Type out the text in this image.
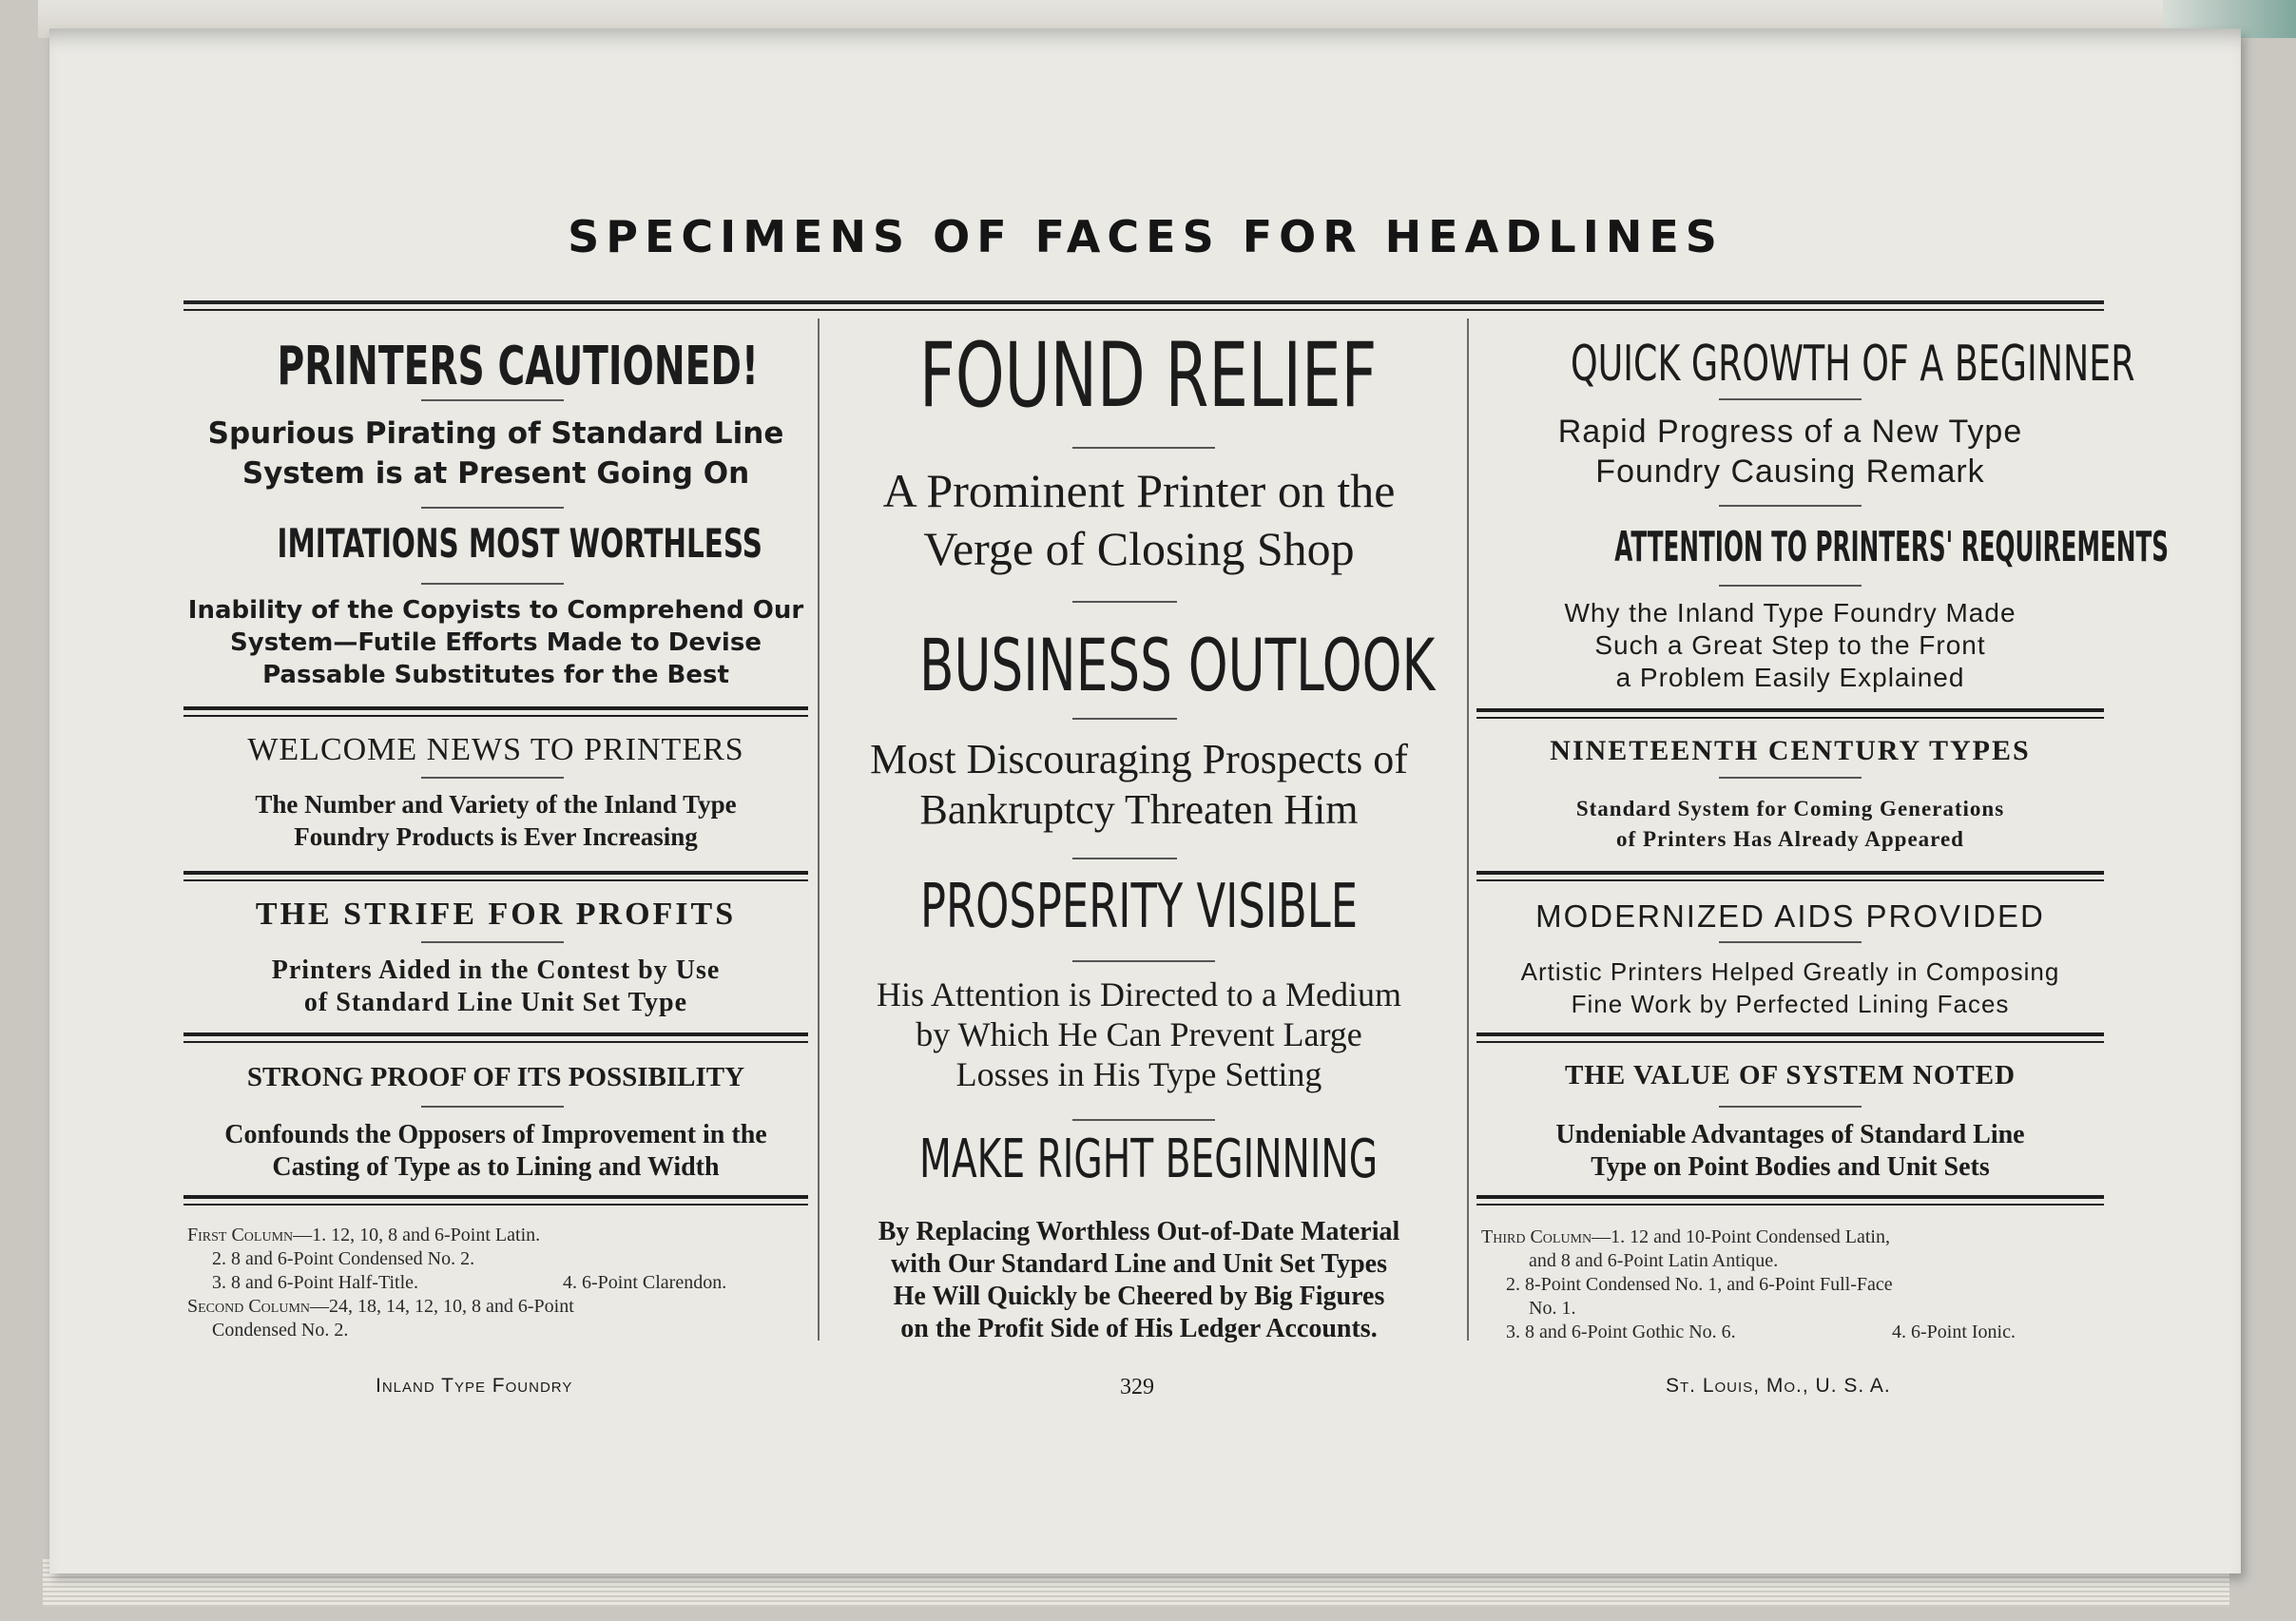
SPECIMENS OF FACES FOR HEADLINES
PRINTERS CAUTIONED!
Spurious Pirating of Standard Line
System is at Present Going On
IMITATIONS MOST WORTHLESS
Inability of the Copyists to Comprehend Our
System—Futile Efforts Made to Devise
Passable Substitutes for the Best
WELCOME NEWS TO PRINTERS
The Number and Variety of the Inland Type
Foundry Products is Ever Increasing
THE STRIFE FOR PROFITS
Printers Aided in the Contest by Use
of Standard Line Unit Set Type
STRONG PROOF OF ITS POSSIBILITY
Confounds the Opposers of Improvement in the
Casting of Type as to Lining and Width
FOUND RELIEF
A Prominent Printer on the
Verge of Closing Shop
BUSINESS OUTLOOK
Most Discouraging Prospects of
Bankruptcy Threaten Him
PROSPERITY VISIBLE
His Attention is Directed to a Medium
by Which He Can Prevent Large
Losses in His Type Setting
MAKE RIGHT BEGINNING
By Replacing Worthless Out-of-Date Material
with Our Standard Line and Unit Set Types
He Will Quickly be Cheered by Big Figures
on the Profit Side of His Ledger Accounts.
QUICK GROWTH OF A BEGINNER
Rapid Progress of a New Type
Foundry Causing Remark
ATTENTION TO PRINTERS' REQUIREMENTS
Why the Inland Type Foundry Made
Such a Great Step to the Front
a Problem Easily Explained
NINETEENTH CENTURY TYPES
Standard System for Coming Generations
of Printers Has Already Appeared
MODERNIZED AIDS PROVIDED
Artistic Printers Helped Greatly in Composing
Fine Work by Perfected Lining Faces
THE VALUE OF SYSTEM NOTED
Undeniable Advantages of Standard Line
Type on Point Bodies and Unit Sets
First Column—1. 12, 10, 8 and 6-Point Latin.
2. 8 and 6-Point Condensed No. 2.
3. 8 and 6-Point Half-Title.	4. 6-Point Clarendon.
Second Column—24, 18, 14, 12, 10, 8 and 6-Point
Condensed No. 2.
Third Column—1. 12 and 10-Point Condensed Latin,
and 8 and 6-Point Latin Antique.
2. 8-Point Condensed No. 1, and 6-Point Full-Face
No. 1.
3. 8 and 6-Point Gothic No. 6.	4. 6-Point Ionic.
Inland Type Foundry	329	St. Louis, Mo., U. S. A.
